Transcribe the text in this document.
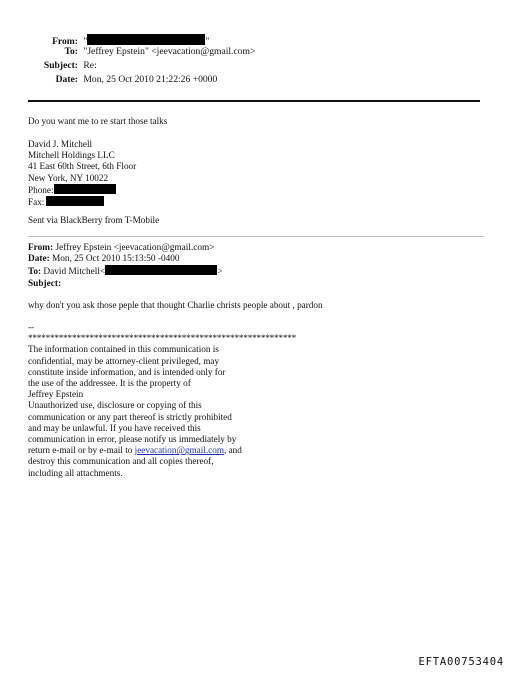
From: "	"
To: "Jeffrey Epstein" <jeevacation@gmail.com>
Subject: Re:
Date: Mon, 25 Oct 2010 21:22:26 +0000
Do you want me to re start those talks
David J. Mitchell
Mitchell Holdings LLC
41 East 60th Street, 6th Floor
New York, NY 10022
Phone:
Fax:
Sent via BlackBerry from T-Mobile
From: Jeffrey Epstein <jeevacation@gmail.com>
Date: Mon, 25 Oct 2010 15:13:50 -0400
To: David Mitchell<	>
Subject:
why don't you ask those peple that thought Charlie christs people about , pardon
--
*************************************************************
The information contained in this communication is
confidential, may be attorney-client privileged, may
constitute inside information, and is intended only for
the use of the addressee. It is the property of
Jeffrey Epstein
Unauthorized use, disclosure or copying of this
communication or any part thereof is strictly prohibited
and may be unlawful. If you have received this
communication in error, please notify us immediately by
return e-mail or by e-mail to jeevacation@gmail.com, and
destroy this communication and all copies thereof,
including all attachments.
EFTA00753404
